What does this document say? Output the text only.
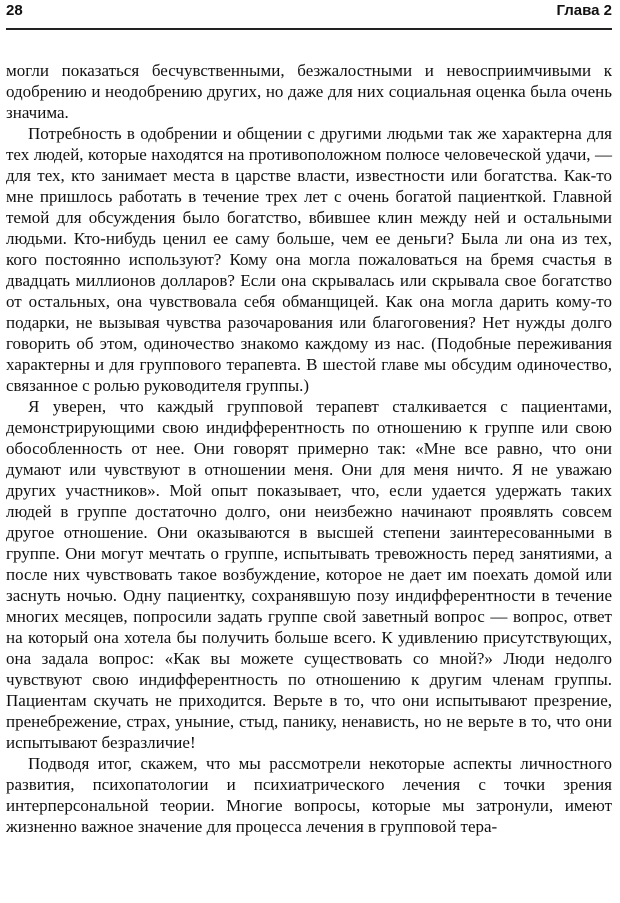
28	Глава 2

могли показаться бесчувственными, безжалостными и невосприимчивыми к одобрению и неодобрению других, но даже для них социальная оценка была очень значима.

Потребность в одобрении и общении с другими людьми так же характерна для тех людей, которые находятся на противоположном полюсе человеческой удачи, — для тех, кто занимает места в царстве власти, известности или богатства. Как-то мне пришлось работать в течение трех лет с очень богатой пациенткой. Главной темой для обсуждения было богатство, вбившее клин между ней и остальными людьми. Кто-нибудь ценил ее саму больше, чем ее деньги? Была ли она из тех, кого постоянно используют? Кому она могла пожаловаться на бремя счастья в двадцать миллионов долларов? Если она скрывалась или скрывала свое богатство от остальных, она чувствовала себя обманщицей. Как она могла дарить кому-то подарки, не вызывая чувства разочарования или благоговения? Нет нужды долго говорить об этом, одиночество знакомо каждому из нас. (Подобные переживания характерны и для группового терапевта. В шестой главе мы обсудим одиночество, связанное с ролью руководителя группы.)

Я уверен, что каждый групповой терапевт сталкивается с пациентами, демонстрирующими свою индифферентность по отношению к группе или свою обособленность от нее. Они говорят примерно так: «Мне все равно, что они думают или чувствуют в отношении меня. Они для меня ничто. Я не уважаю других участников». Мой опыт показывает, что, если удается удержать таких людей в группе достаточно долго, они неизбежно начинают проявлять совсем другое отношение. Они оказываются в высшей степени заинтересованными в группе. Они могут мечтать о группе, испытывать тревожность перед занятиями, а после них чувствовать такое возбуждение, которое не дает им поехать домой или заснуть ночью. Одну пациентку, сохранявшую позу индифферентности в течение многих месяцев, попросили задать группе свой заветный вопрос — вопрос, ответ на который она хотела бы получить больше всего. К удивлению присутствующих, она задала вопрос: «Как вы можете существовать со мной?» Люди недолго чувствуют свою индифферентность по отношению к другим членам группы. Пациентам скучать не приходится. Верьте в то, что они испытывают презрение, пренебрежение, страх, уныние, стыд, панику, ненависть, но не верьте в то, что они испытывают безразличие!

Подводя итог, скажем, что мы рассмотрели некоторые аспекты личностного развития, психопатологии и психиатрического лечения с точки зрения интерперсональной теории. Многие вопросы, которые мы затронули, имеют жизненно важное значение для процесса лечения в групповой тера-
